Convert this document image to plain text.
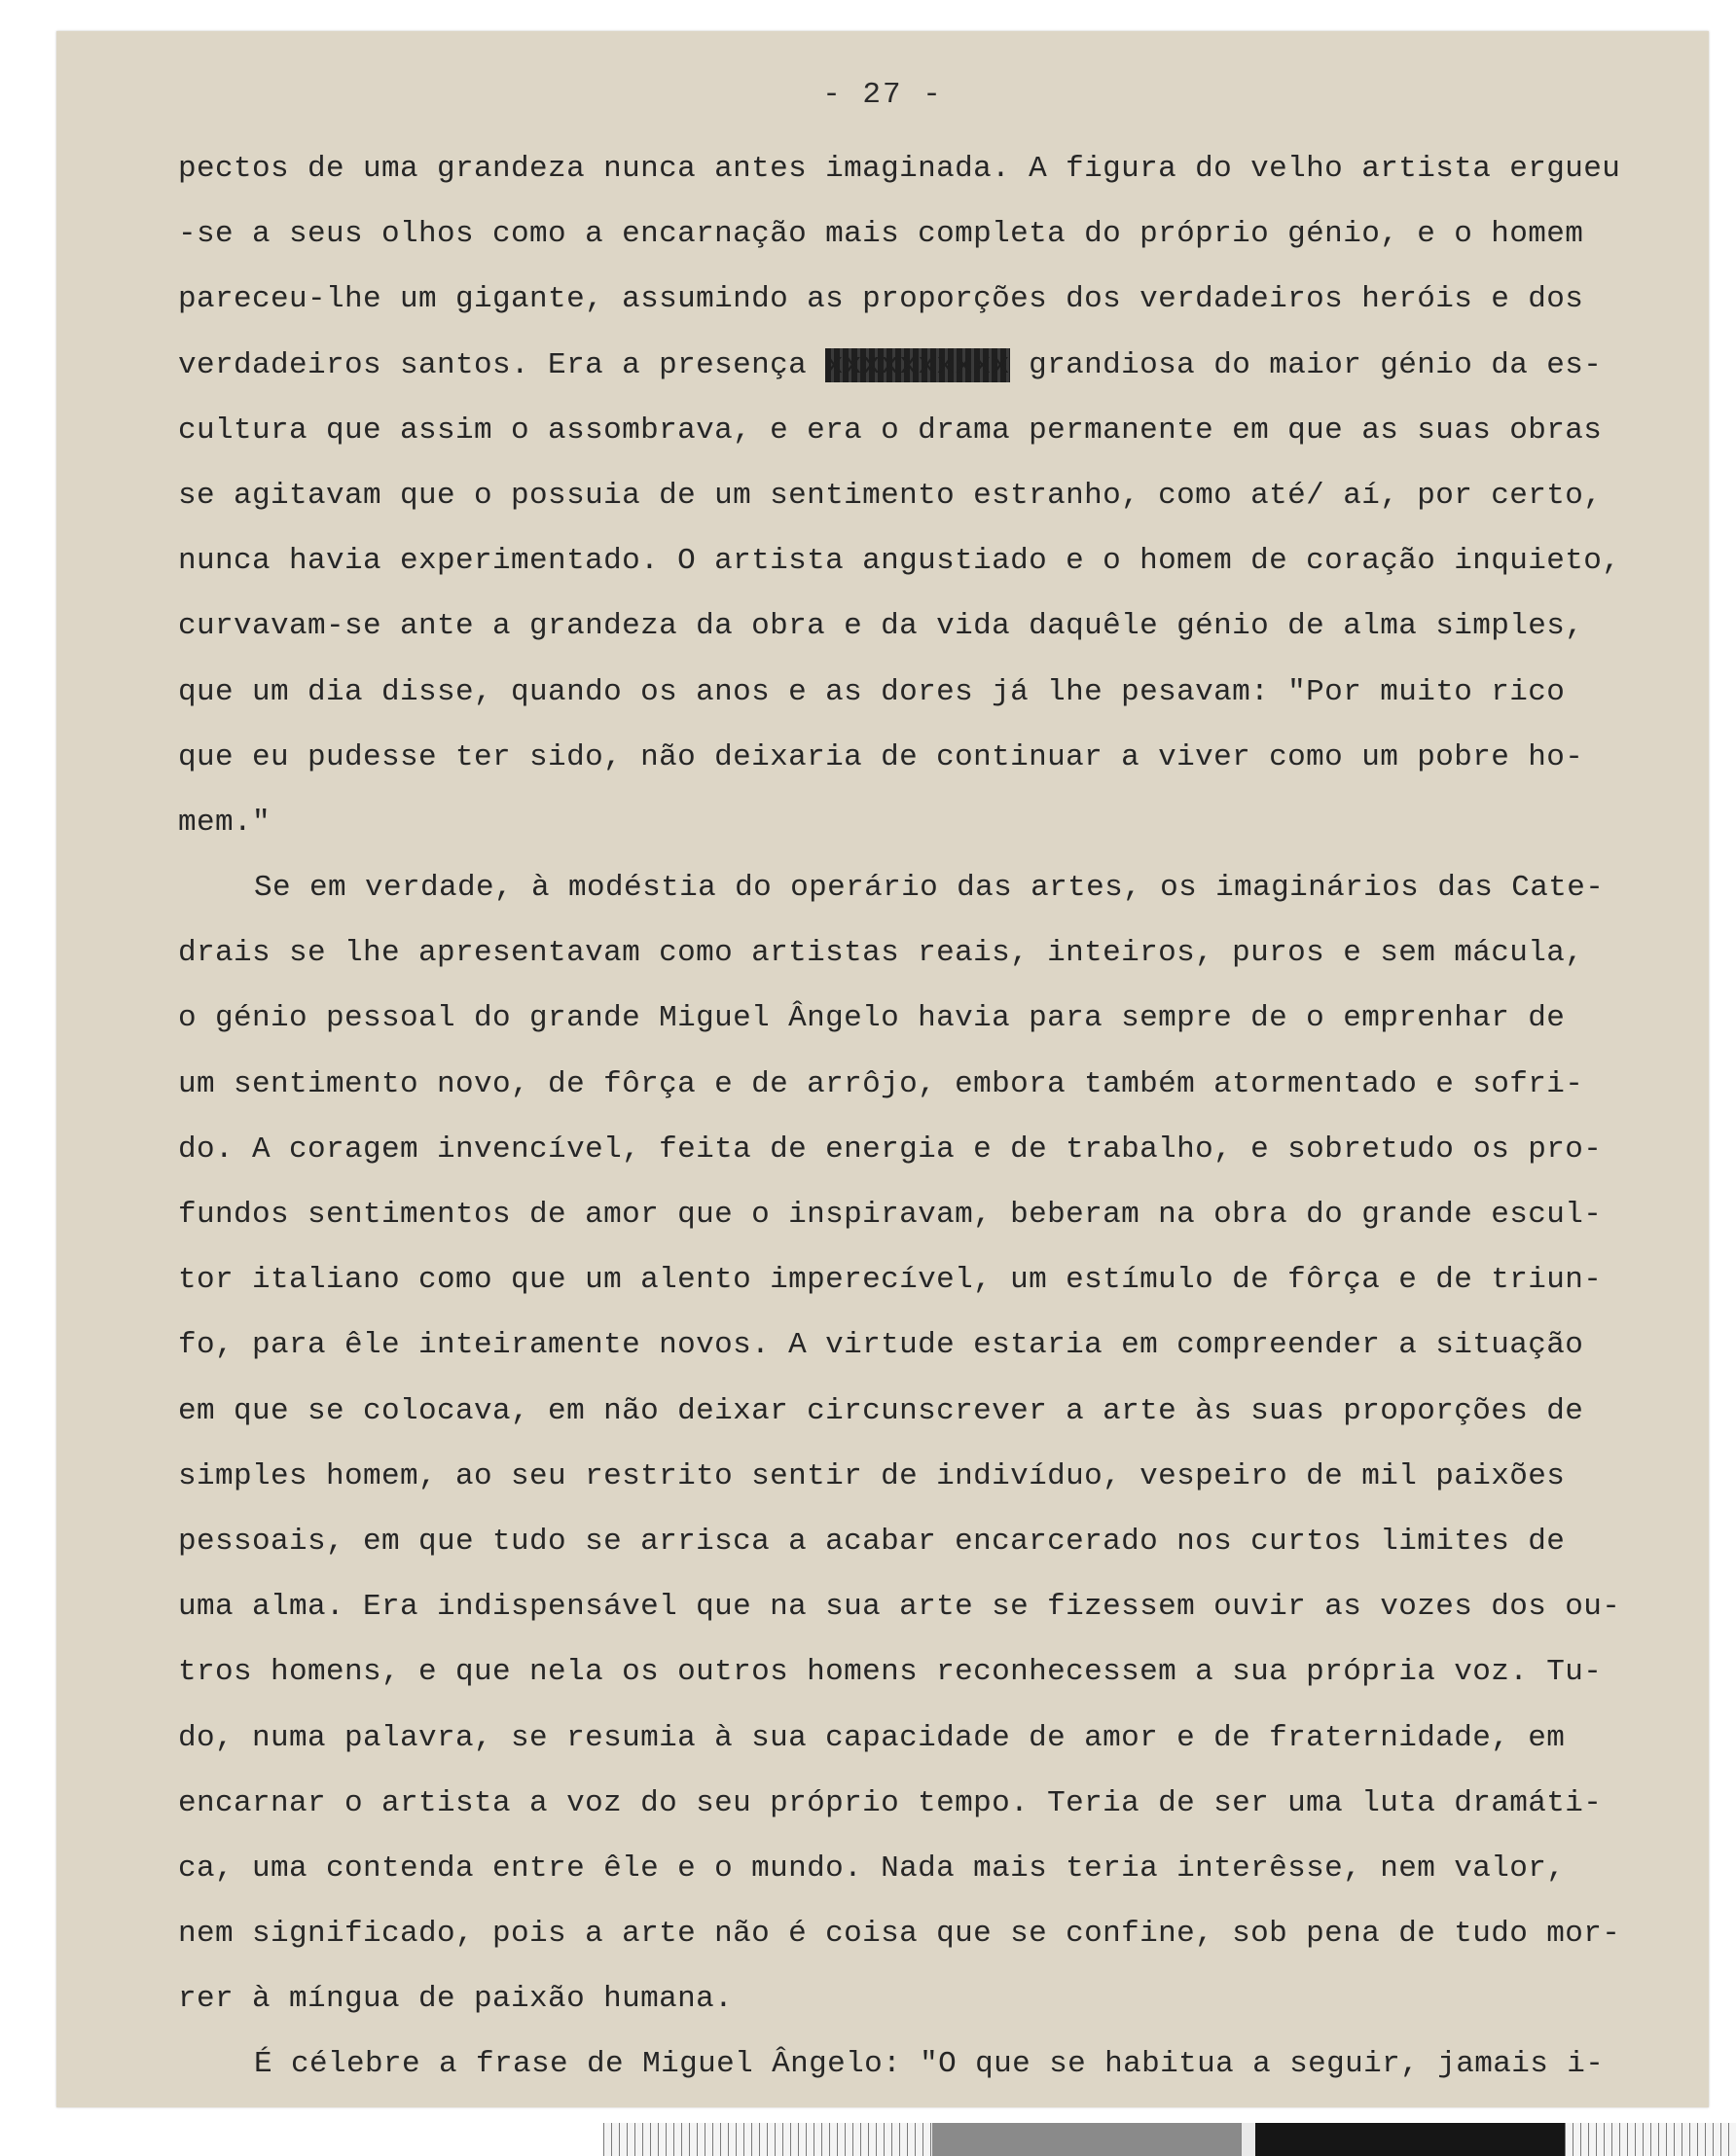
- 27 -
pectos de uma grandeza nunca antes imaginada. A figura do velho artista ergueu
-se a seus olhos como a encarnação mais completa do próprio génio, e o homem
pareceu-lhe um gigante, assumindo as proporções dos verdadeiros heróis e dos
verdadeiros santos. Era a presença xxxxxxxxxx grandiosa do maior génio da es-
cultura que assim o assombrava, e era o drama permanente em que as suas obras
se agitavam que o possuia de um sentimento estranho, como até/ aí, por certo,
nunca havia experimentado. O artista angustiado e o homem de coração inquieto,
curvavam-se ante a grandeza da obra e da vida daquêle génio de alma simples,
que um dia disse, quando os anos e as dores já lhe pesavam: "Por muito rico
que eu pudesse ter sido, não deixaria de continuar a viver como um pobre ho-
mem."
Se em verdade, à modéstia do operário das artes, os imaginários das Cate-
drais se lhe apresentavam como artistas reais, inteiros, puros e sem mácula,
o génio pessoal do grande Miguel Ângelo havia para sempre de o emprenhar de
um sentimento novo, de fôrça e de arrôjo, embora também atormentado e sofri-
do. A coragem invencível, feita de energia e de trabalho, e sobretudo os pro-
fundos sentimentos de amor que o inspiravam, beberam na obra do grande escul-
tor italiano como que um alento imperecível, um estímulo de fôrça e de triun-
fo, para êle inteiramente novos. A virtude estaria em compreender a situação
em que se colocava, em não deixar circunscrever a arte às suas proporções de
simples homem, ao seu restrito sentir de indivíduo, vespeiro de mil paixões
pessoais, em que tudo se arrisca a acabar encarcerado nos curtos limites de
uma alma. Era indispensável que na sua arte se fizessem ouvir as vozes dos ou-
tros homens, e que nela os outros homens reconhecessem a sua própria voz. Tu-
do, numa palavra, se resumia à sua capacidade de amor e de fraternidade, em
encarnar o artista a voz do seu próprio tempo. Teria de ser uma luta dramáti-
ca, uma contenda entre êle e o mundo. Nada mais teria interêsse, nem valor,
nem significado, pois a arte não é coisa que se confine, sob pena de tudo mor-
rer à míngua de paixão humana.
É célebre a frase de Miguel Ângelo: "O que se habitua a seguir, jamais i-
